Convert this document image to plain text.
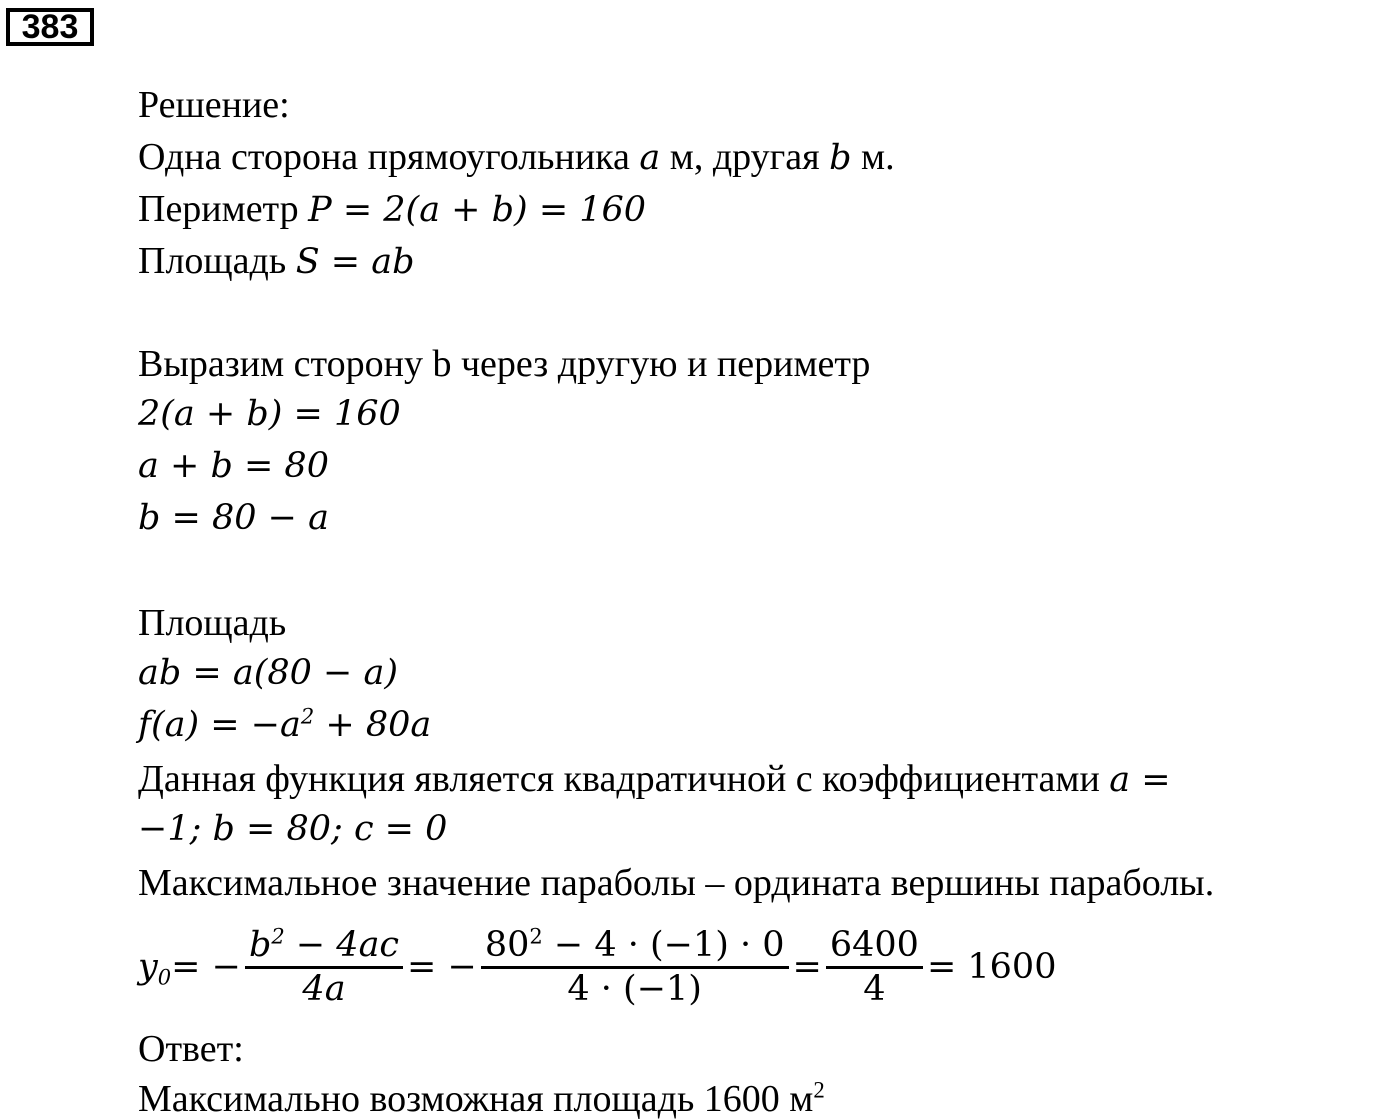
383
Решение:
Одна сторона прямоугольника a м, другая b м.
Периметр P = 2(a + b) = 160
Площадь S = ab
Выразим сторону b через другую и периметр
2(a + b) = 160
a + b = 80
b = 80 − a
Площадь
ab = a(80 − a)
$f(a) = -a^2 + 80a$
Данная функция является квадратичной с коэффициентами a =
−1; b = 80; c = 0
Максимальное значение параболы – ордината вершины параболы.
$y_0$ = − $\frac{b^2 - 4ac}{4a}$ = − $\frac{80^2 - 4 \cdot (-1) \cdot 0}{4 \cdot (-1)} = \frac{6400}{4} = 1600$
Ответ:
Максимально возможная площадь 1600 $м^2$
